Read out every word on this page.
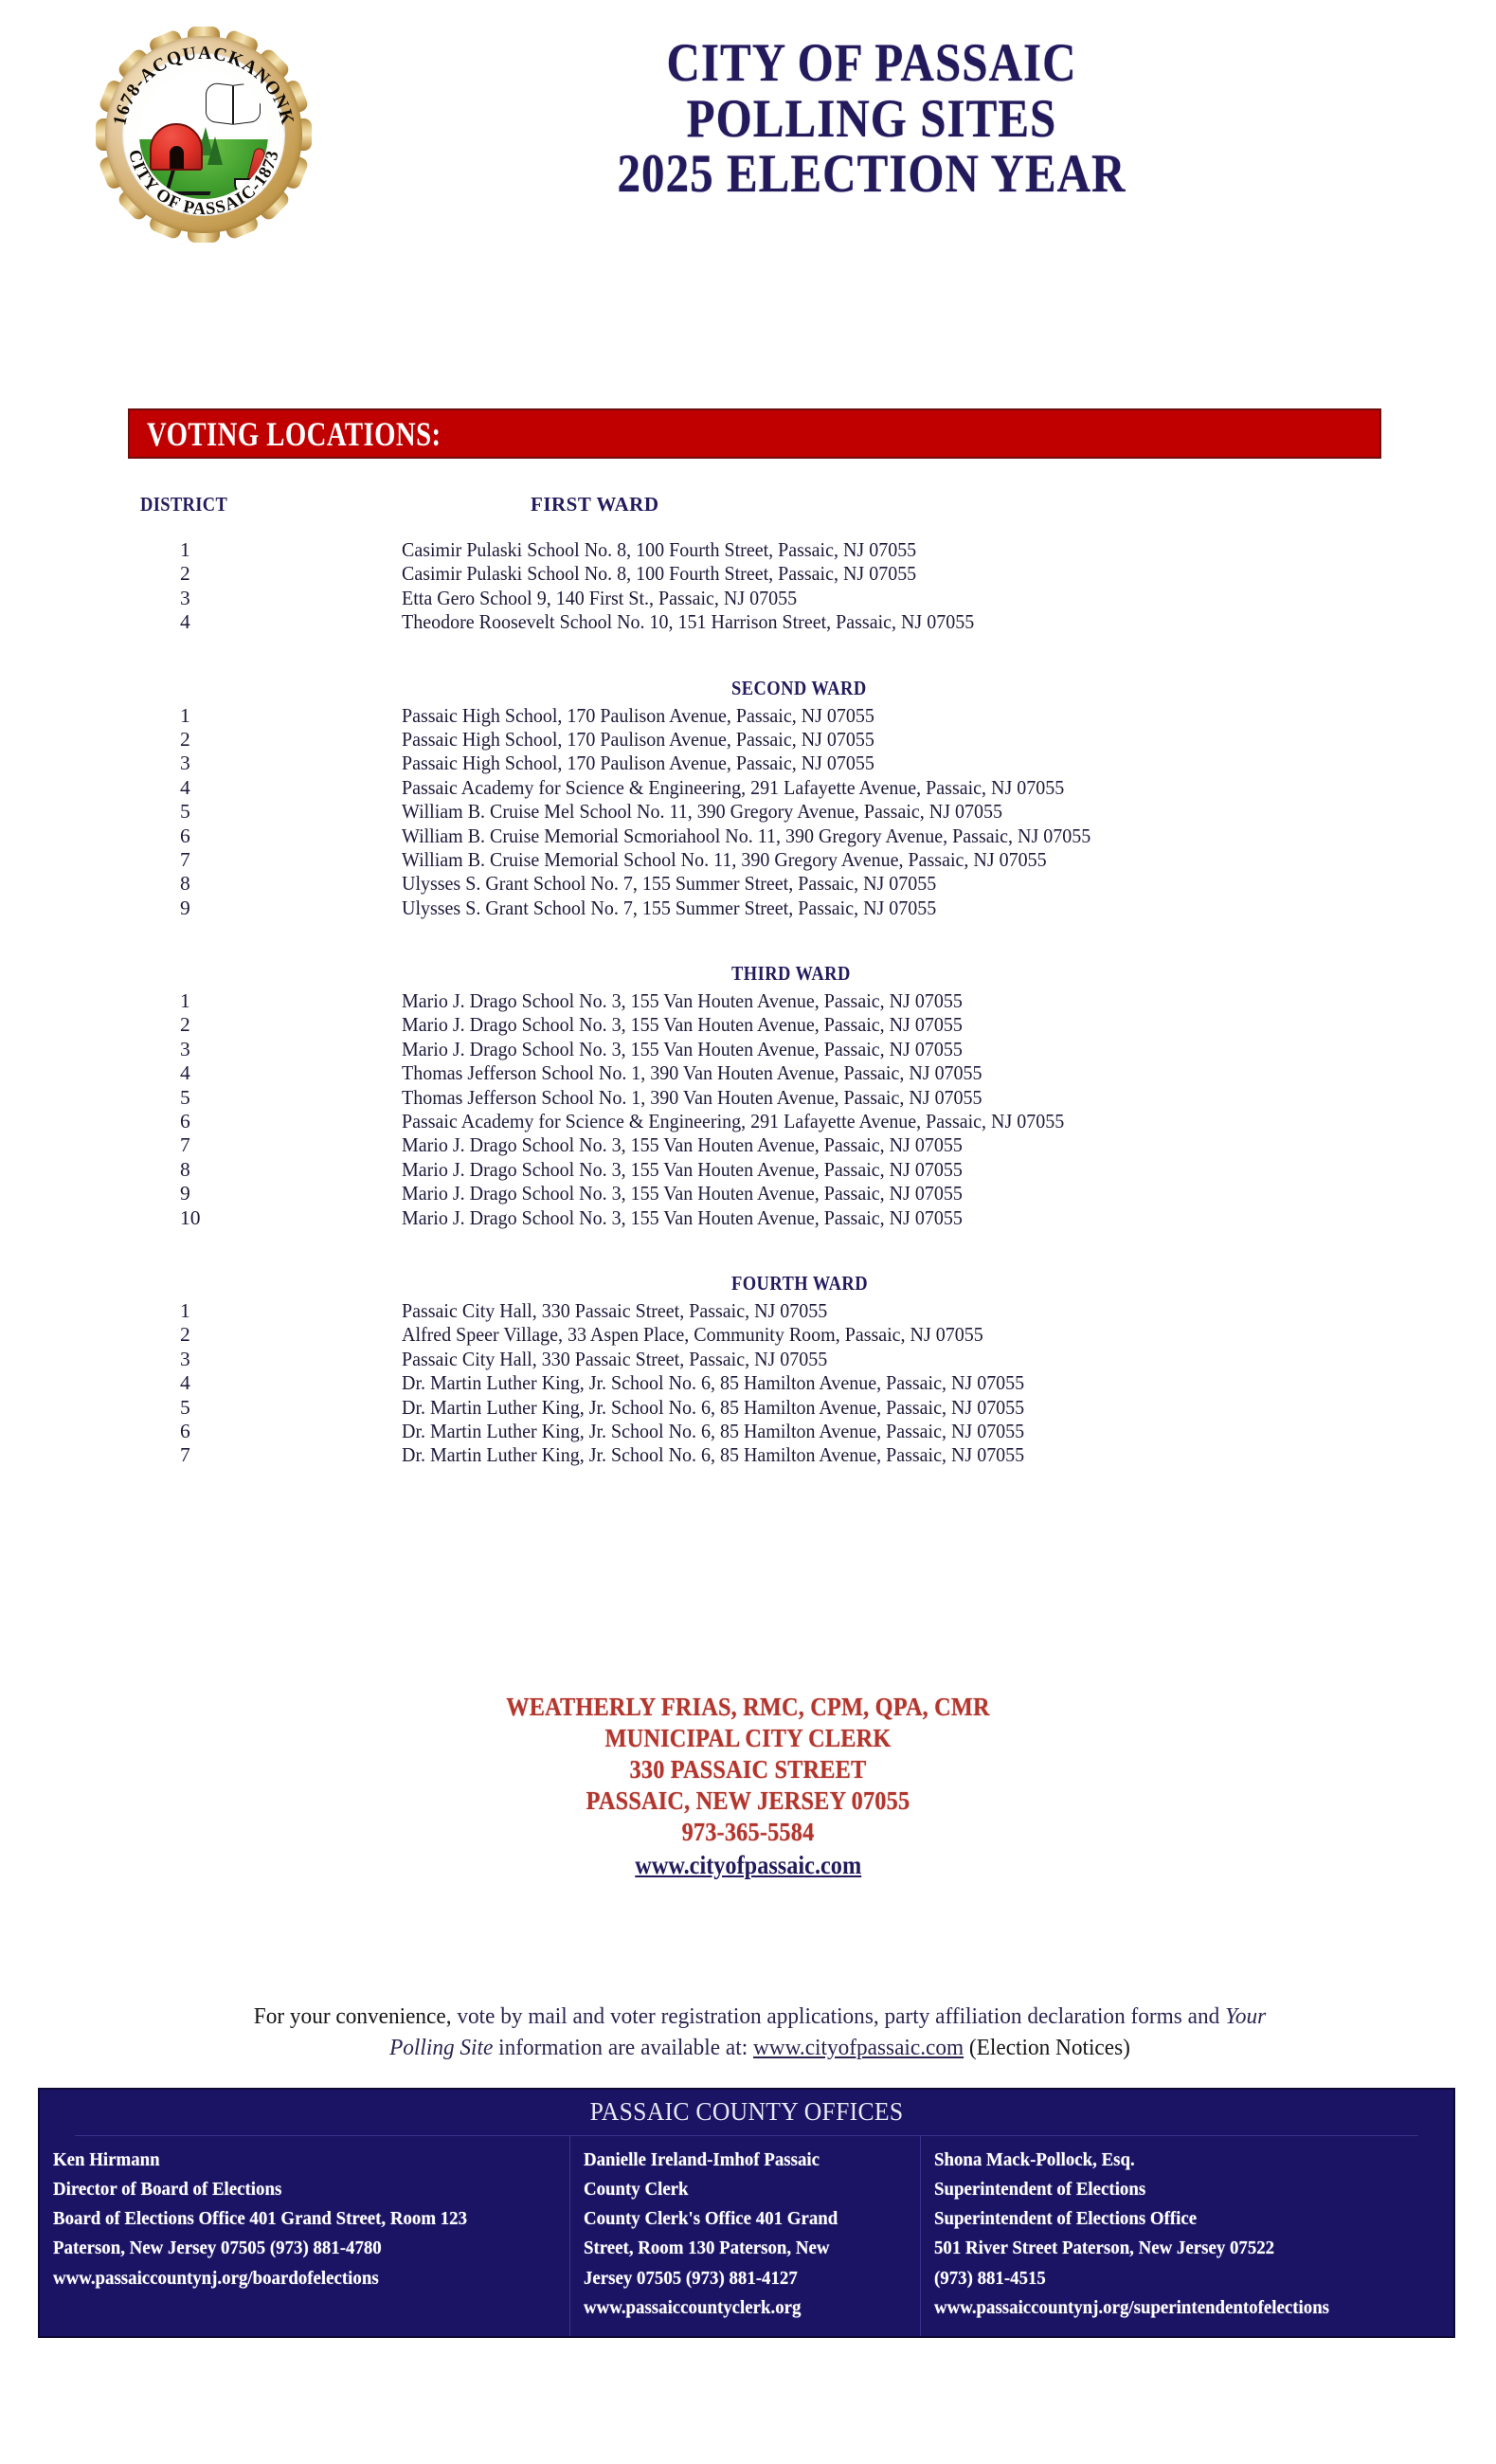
1678-ACQUACKANONK
CITY OF PASSAIC-1873
CITY OF PASSAIC
POLLING SITES
2025 ELECTION YEAR
VOTING LOCATIONS:
DISTRICT	FIRST WARD
1	Casimir Pulaski School No. 8, 100 Fourth Street, Passaic, NJ 07055
2	Casimir Pulaski School No. 8, 100 Fourth Street, Passaic, NJ 07055
3	Etta Gero School 9, 140 First St., Passaic, NJ 07055
4	Theodore Roosevelt School No. 10, 151 Harrison Street, Passaic, NJ 07055
SECOND WARD
1	Passaic High School, 170 Paulison Avenue, Passaic, NJ 07055
2	Passaic High School, 170 Paulison Avenue, Passaic, NJ 07055
3	Passaic High School, 170 Paulison Avenue, Passaic, NJ 07055
4	Passaic Academy for Science & Engineering, 291 Lafayette Avenue, Passaic, NJ 07055
5	William B. Cruise Mel School No. 11, 390 Gregory Avenue, Passaic, NJ 07055
6	William B. Cruise Memorial Scmoriahool No. 11, 390 Gregory Avenue, Passaic, NJ 07055
7	William B. Cruise Memorial School No. 11, 390 Gregory Avenue, Passaic, NJ 07055
8	Ulysses S. Grant School No. 7, 155 Summer Street, Passaic, NJ 07055
9	Ulysses S. Grant School No. 7, 155 Summer Street, Passaic, NJ 07055
THIRD WARD
1	Mario J. Drago School No. 3, 155 Van Houten Avenue, Passaic, NJ 07055
2	Mario J. Drago School No. 3, 155 Van Houten Avenue, Passaic, NJ 07055
3	Mario J. Drago School No. 3, 155 Van Houten Avenue, Passaic, NJ 07055
4	Thomas Jefferson School No. 1, 390 Van Houten Avenue, Passaic, NJ 07055
5	Thomas Jefferson School No. 1, 390 Van Houten Avenue, Passaic, NJ 07055
6	Passaic Academy for Science & Engineering, 291 Lafayette Avenue, Passaic, NJ 07055
7	Mario J. Drago School No. 3, 155 Van Houten Avenue, Passaic, NJ 07055
8	Mario J. Drago School No. 3, 155 Van Houten Avenue, Passaic, NJ 07055
9	Mario J. Drago School No. 3, 155 Van Houten Avenue, Passaic, NJ 07055
10	Mario J. Drago School No. 3, 155 Van Houten Avenue, Passaic, NJ 07055
FOURTH WARD
1	Passaic City Hall, 330 Passaic Street, Passaic, NJ 07055
2	Alfred Speer Village, 33 Aspen Place, Community Room, Passaic, NJ 07055
3	Passaic City Hall, 330 Passaic Street, Passaic, NJ 07055
4	Dr. Martin Luther King, Jr. School No. 6, 85 Hamilton Avenue, Passaic, NJ 07055
5	Dr. Martin Luther King, Jr. School No. 6, 85 Hamilton Avenue, Passaic, NJ 07055
6	Dr. Martin Luther King, Jr. School No. 6, 85 Hamilton Avenue, Passaic, NJ 07055
7	Dr. Martin Luther King, Jr. School No. 6, 85 Hamilton Avenue, Passaic, NJ 07055
WEATHERLY FRIAS, RMC, CPM, QPA, CMR
MUNICIPAL CITY CLERK
330 PASSAIC STREET
PASSAIC, NEW JERSEY 07055
973-365-5584
www.cityofpassaic.com
For your convenience, vote by mail and voter registration applications, party affiliation declaration forms and Your Polling Site information are available at: www.cityofpassaic.com (Election Notices)
PASSAIC COUNTY OFFICES
Ken Hirmann
Director of Board of Elections
Board of Elections Office 401 Grand Street, Room 123
Paterson, New Jersey 07505 (973) 881-4780
www.passaiccountynj.org/boardofelections
Danielle Ireland-Imhof Passaic
County Clerk
County Clerk's Office 401 Grand
Street, Room 130 Paterson, New
Jersey 07505 (973) 881-4127
www.passaiccountyclerk.org
Shona Mack-Pollock, Esq.
Superintendent of Elections
Superintendent of Elections Office
501 River Street Paterson, New Jersey 07522
(973) 881-4515
www.passaiccountynj.org/superintendentofelections
